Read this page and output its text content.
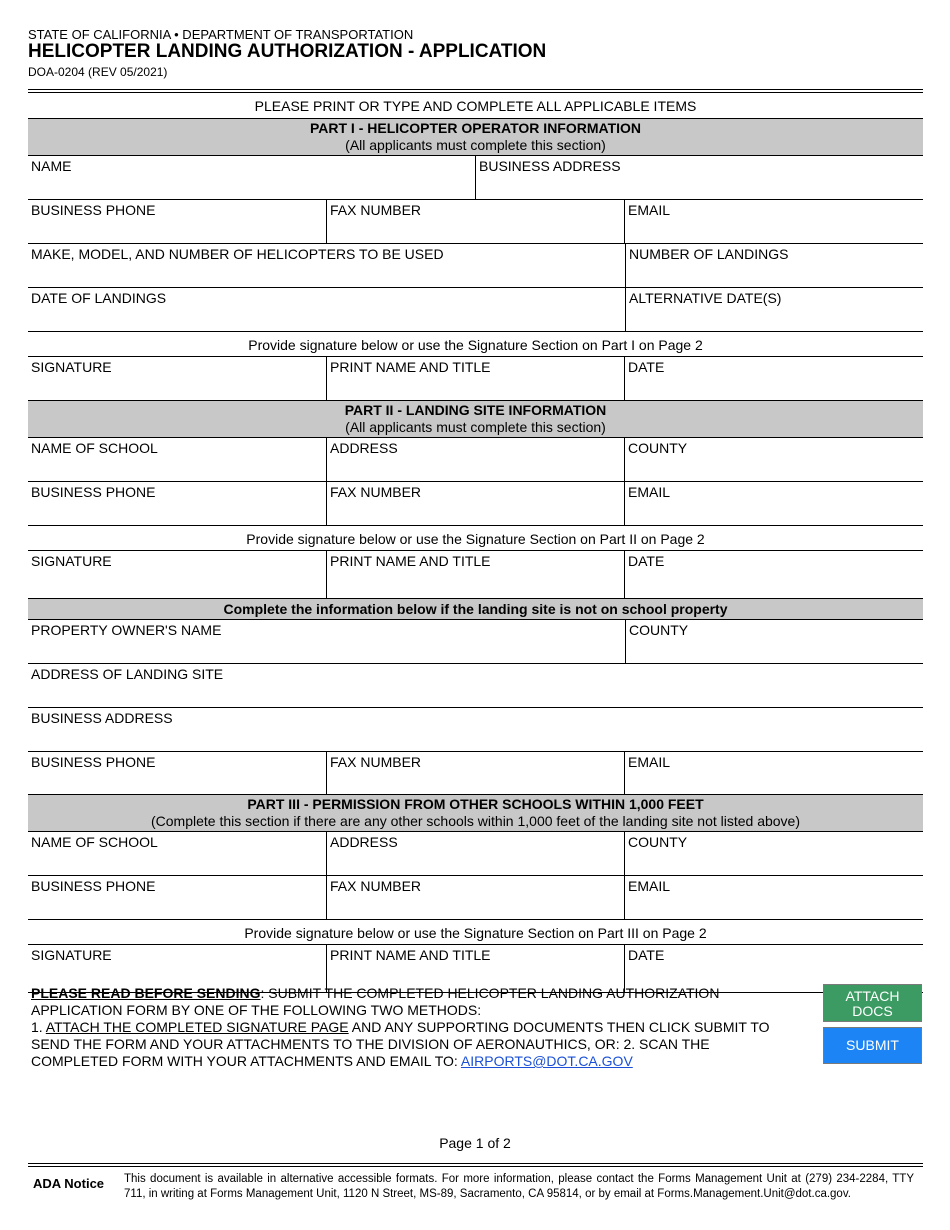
STATE OF CALIFORNIA • DEPARTMENT OF TRANSPORTATION
HELICOPTER LANDING AUTHORIZATION - APPLICATION
DOA-0204 (REV 05/2021)
PLEASE PRINT OR TYPE AND COMPLETE ALL APPLICABLE ITEMS
PART I - HELICOPTER OPERATOR INFORMATION
(All applicants must complete this section)
NAME	BUSINESS ADDRESS
BUSINESS PHONE	FAX NUMBER	EMAIL
MAKE, MODEL, AND NUMBER OF HELICOPTERS TO BE USED	NUMBER OF LANDINGS
DATE OF LANDINGS	ALTERNATIVE DATE(S)
Provide signature below or use the Signature Section on Part I on Page 2
SIGNATURE	PRINT NAME AND TITLE	DATE
PART II - LANDING SITE INFORMATION
(All applicants must complete this section)
NAME OF SCHOOL	ADDRESS	COUNTY
BUSINESS PHONE	FAX NUMBER	EMAIL
Provide signature below or use the Signature Section on Part II on Page 2
SIGNATURE	PRINT NAME AND TITLE	DATE
Complete the information below if the landing site is not on school property
PROPERTY OWNER'S NAME	COUNTY
ADDRESS OF LANDING SITE
BUSINESS ADDRESS
BUSINESS PHONE	FAX NUMBER	EMAIL
PART III - PERMISSION FROM OTHER SCHOOLS WITHIN 1,000 FEET
(Complete this section if there are any other schools within 1,000 feet of the landing site not listed above)
NAME OF SCHOOL	ADDRESS	COUNTY
BUSINESS PHONE	FAX NUMBER	EMAIL
Provide signature below or use the Signature Section on Part III on Page 2
SIGNATURE	PRINT NAME AND TITLE	DATE
PLEASE READ BEFORE SENDING: SUBMIT THE COMPLETED HELICOPTER LANDING AUTHORIZATION APPLICATION FORM BY ONE OF THE FOLLOWING TWO METHODS:
1. ATTACH THE COMPLETED SIGNATURE PAGE AND ANY SUPPORTING DOCUMENTS THEN CLICK SUBMIT TO SEND THE FORM AND YOUR ATTACHMENTS TO THE DIVISION OF AERONAUTHICS, OR: 2. SCAN THE COMPLETED FORM WITH YOUR ATTACHMENTS AND EMAIL TO: AIRPORTS@DOT.CA.GOV
ATTACH
DOCS
SUBMIT
Page 1 of 2
ADA Notice This document is available in alternative accessible formats. For more information, please contact the Forms Management Unit at (279) 234-2284, TTY 711, in writing at Forms Management Unit, 1120 N Street, MS-89, Sacramento, CA 95814, or by email at Forms.Management.Unit@dot.ca.gov.
